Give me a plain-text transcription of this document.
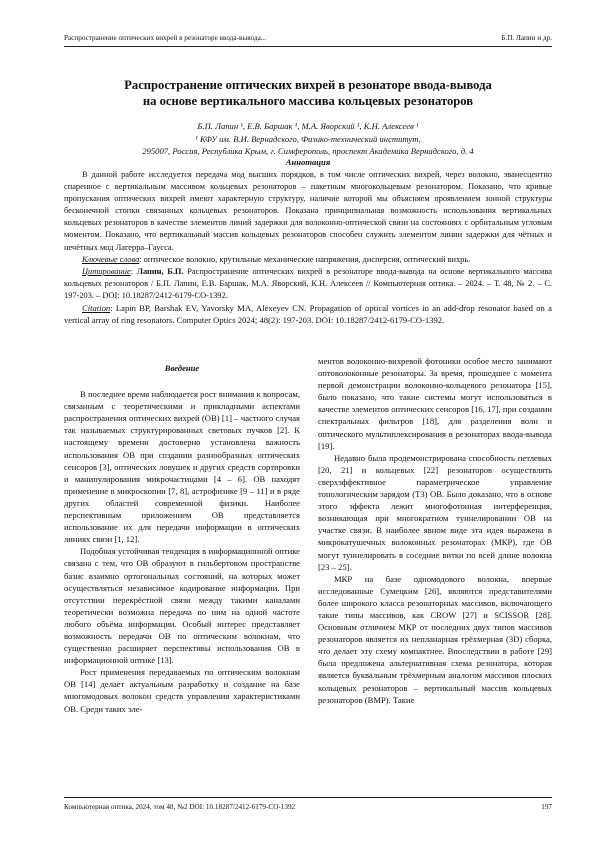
Распространение оптических вихрей в резонаторе ввода-вывода...	Б.П. Лапин и др.
Распространение оптических вихрей в резонаторе ввода-вывода
на основе вертикального массива кольцевых резонаторов
Б.П. Лапин ¹, Е.В. Баршак ¹, М.А. Яворский ¹, К.Н. Алексеев ¹
¹ КФУ им. В.И. Вернадского, Физико-технический институт,
295007, Россия, Республика Крым, г. Симферополь, проспект Академика Вернадского, д. 4
Аннотация

В данной работе исследуется передача мод высших порядков, в том числе оптических вихрей, через волокно, эванесцентно спаренное с вертикальным массивом кольцевых резонаторов – пакетным многокольцевым резонатором. Показано, что кривые пропускания оптических вихрей имеют характерную структуру, наличие которой мы объясняем проявлением зонной структуры бесконечной стопки связанных кольцевых резонаторов. Показана принципиальная возможность использования вертикальных кольцевых резонаторов в качестве элементов линий задержки для волоконно-оптической связи на состояниях с орбитальным угловым моментом. Показано, что вертикальный массив кольцевых резонаторов способен служить элементом линии задержки для чётных и нечётных мод Лагерра–Гаусса.

Ключевые слова: оптическое волокно, крутильные механические напряжения, дисперсия, оптический вихрь.

Цитирование: Лапин, Б.П. Распространение оптических вихрей в резонаторе ввода-вывода на основе вертикального массива кольцевых резонаторов / Б.П. Лапин, Е.В. Баршак, М.А. Яворский, К.Н. Алексеев // Компьютерная оптика. – 2024. – Т. 48, № 2. – С. 197-203. – DOI: 10.18287/2412-6179-CO-1392.

Citation: Lapin BP, Barshak EV, Yavorsky MA, Alexeyev CN. Propagation of optical vortices in an add-drop resonator based on a vertical array of ring resonators. Computer Optics 2024; 48(2): 197-203. DOI: 10.18287/2412-6179-CO-1392.

Введение

В последнее время наблюдается рост внимания к вопросам, связанным с теоретическими и прикладными аспектами распространения оптических вихрей (ОВ) [1] – частного случая так называемых структурированных световых пучков [2]. К настоящему времени достоверно установлена важность использования ОВ при создании разнообразных оптических сенсоров [3], оптических ловушек и других средств сортировки и манипулирования микрочастицами [4 – 6]. ОВ находят применение в микроскопии [7, 8], астрофизике [9 – 11] и в ряде других областей современной физики. Наиболее перспективным приложением ОВ представляется использование их для передачи информации в оптических линиях связи [1, 12].

Подобная устойчивая тенденция в информационной оптике связана с тем, что ОВ образуют в гильбертовом пространстве базис взаимно ортогональных состояний, на которых может осуществляться независимое кодирование информации. При отсутствии перекрёстной связи между такими каналами теоретически возможна передача по ним на одной частоте любого объёма информации. Особый интерес представляет возможность передачи ОВ по оптическим волокнам, что существенно расширяет перспективы использования ОВ в информационной оптике [13].

Рост применения передаваемых по оптическим волокнам ОВ [14] делает актуальным разработку и создание на базе многомодовых волокон средств управления характеристиками ОВ. Среди таких эле-

ментов волоконно-вихревой фотоники особое место занимают оптоволоконные резонаторы. За время, прошедшее с момента первой демонстрации волоконно-кольцевого резонатора [15], было показано, что такие системы могут использоваться в качестве элементов оптических сенсоров [16, 17], при создании спектральных фильтров [18], для разделения волн и оптического мультиплексирования в резонаторах ввода-вывода [19].

Недавно была продемонстрирована способность петлевых [20, 21] и кольцевых [22] резонаторов осуществлять сверхэффективное параметрическое управление топологическим зарядом (ТЗ) ОВ. Было доказано, что в основе этого эффекта лежит многофотонная интерференция, возникающая при многократном туннелировании ОВ на участке связи. В наиболее явном виде эта идея выражена в микрокатушечных волоконных резонаторах (МКР), где ОВ могут туннелировать в соседние витки по всей длине волокна [23 – 25].

МКР на базе одномодового волокна, впервые исследованные Сумецким [26], являются представителями более широкого класса резонаторных массивов, включающего такие типы массивов, как CROW [27] и SCISSOR [28]. Основным отличием МКР от последних двух типов массивов резонаторов является их непланарная трёхмерная (3D) сборка, что делает эту схему компактнее. Впоследствии в работе [29] была предложена альтернативная схема резонатора, которая является буквальным трёхмерным аналогом массивов плоских кольцевых резонаторов – вертикальный массив кольцевых резонаторов (ВМР). Такие

Компьютерная оптика, 2024, том 48, №2 DOI: 10.18287/2412-6179-CO-1392	197
